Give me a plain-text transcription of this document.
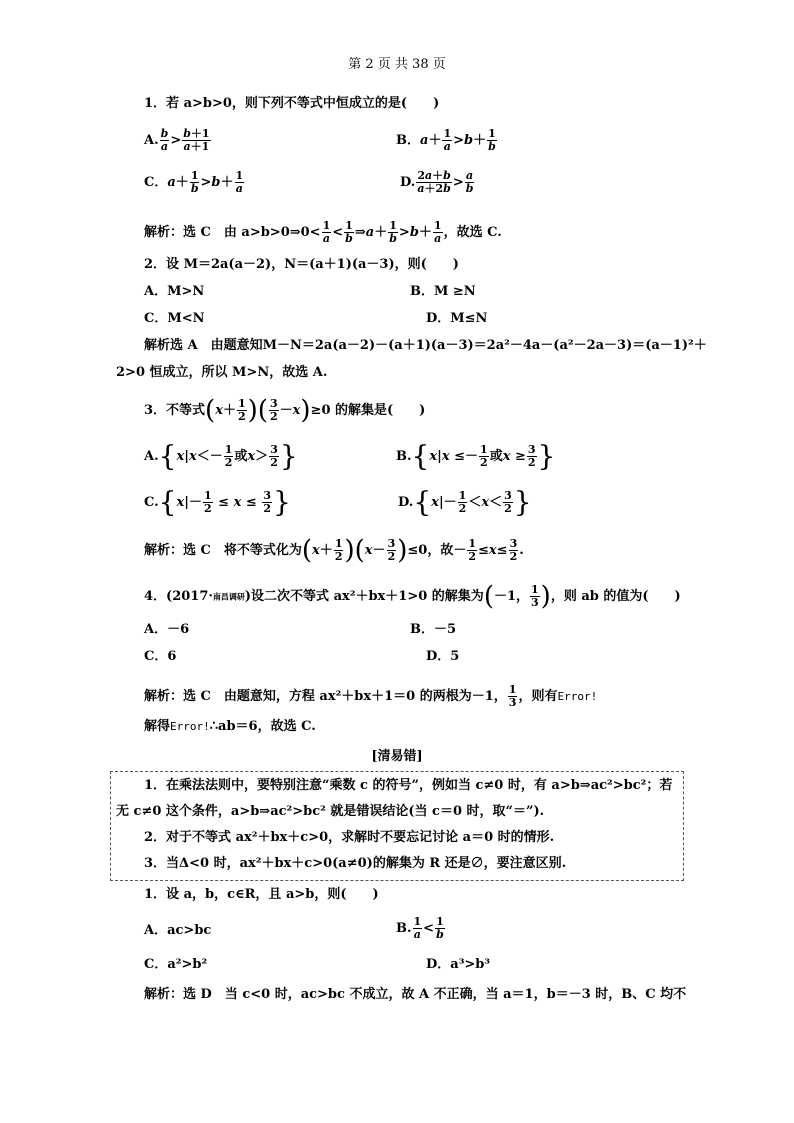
第 2 页 共 38 页
1．若 a>b>0，则下列不等式中恒成立的是(　　)
A. $\frac{b}{a} > \frac{b+1}{a+1}$	B．$a+ \frac{1}{a} >b+ \frac{1}{b}$
C．$a+ \frac{1}{b} >b+ \frac{1}{a}$	D. $\frac{2a+b}{a+2b} > \frac{a}{b}$
解析：选 C　由 a>b>0⇒0< $\frac{1}{a} < \frac{1}{b}$ ⇒a＋ $\frac{1}{b} >b+ \frac{1}{a}$ ，故选 C.
2．设 M＝2a(a－2)，N＝(a＋1)(a－3)，则(　　)
A．M>N	B．M ≥N
C．M<N	D．M≤N
解析选 A　由题意知M－N＝2a(a－2)－(a＋1)(a－3)＝2a²－4a－(a²－2a－3)＝(a－1)²＋
2>0 恒成立，所以 M>N，故选 A.
3．不等式($x+ \frac{1}{2}$ )( $\frac{3}{2} -x)\ge 0$ 的解集是(　　)
$A.\{x|x<- \frac{1}{2}$ 或$x> \frac{3}{2}$ }	$B.\{x|x \le- \frac{1}{2}$ 或$x \ge \frac{3}{2}$ }
$C.\{x|- \frac{1}{2} \le x \le \frac{3}{2}$ }	$D.\{x|- \frac{1}{2} <x< \frac{3}{2}$ }
解析：选 C　将不等式化为$(x+ \frac{1}{2} )(x- \frac{3}{2} )\le 0$，故－ $\frac{1}{2} \le x\le \frac{3}{2}$ .
4．(2017·南昌调研)设二次不等式 ax²＋bx＋1>0 的解集为(－1， $\frac{1}{3}$ )，则 ab 的值为(　　)
A．－6	B．－5
C．6	D．5
解析：选 C　由题意知，方程 ax²＋bx＋1＝0 的两根为－1， $\frac{1}{3}$ ，则有Error!
解得Error!∴ab＝6，故选 C.
[清易错]
1．在乘法法则中，要特别注意“乘数 c 的符号”，例如当 c≠0 时，有 a>b⇒ac²>bc²；若
无 c≠0 这个条件，a>b⇒ac²>bc² 就是错误结论(当 c＝0 时，取“＝”).
2．对于不等式 ax²＋bx＋c>0，求解时不要忘记讨论 a＝0 时的情形.
3．当Δ<0 时，ax²＋bx＋c>0(a≠0)的解集为 R 还是∅，要注意区别.
1．设 a，b，c∈R，且 a>b，则(　　)
A．ac>bc	B. $\frac{1}{a} < \frac{1}{b}$
C．a²>b²	D．a³>b³
解析：选 D　当 c<0 时，ac>bc 不成立，故 A 不正确，当 a＝1，b＝－3 时，B、C 均不
